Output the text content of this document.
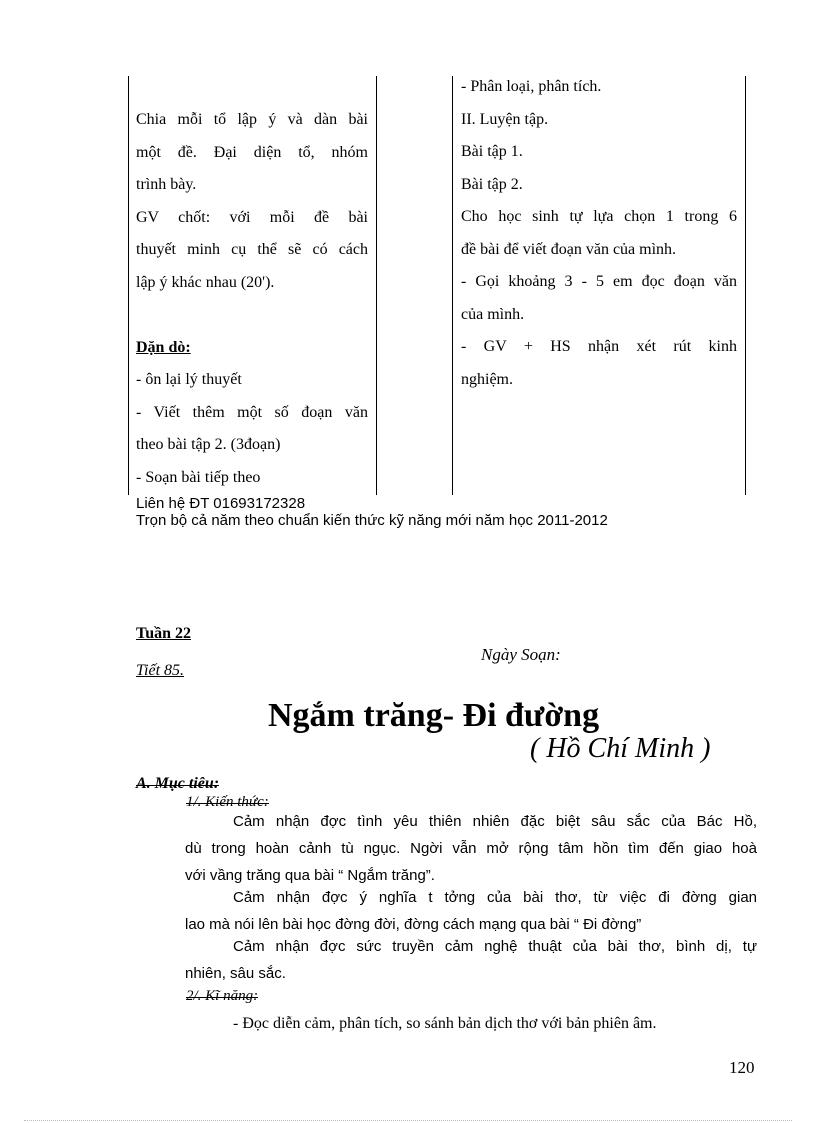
Chia mỗi tổ lập ý và dàn bài
một đề. Đại diện tổ, nhóm
trình bày.
GV chốt: với mỗi đề bài
thuyết minh cụ thể sẽ có cách
lập ý khác nhau (20').
Dặn dò:
- ôn lại lý thuyết
- Viết thêm một số đoạn văn
theo bài tập 2. (3đoạn)
- Soạn bài tiếp theo
- Phân loại, phân tích.
II. Luyện tập.
Bài tập 1.
Bài tập 2.
Cho học sinh tự lựa chọn 1 trong 6
đề bài để viết đoạn văn của mình.
- Gọi khoảng 3 - 5 em đọc đoạn văn
của mình.
- GV + HS nhận xét rút kinh
nghiệm.
Liên hệ ĐT 01693172328
Trọn bộ cả năm theo chuẩn kiến thức kỹ năng mới năm học 2011-2012
Tuần 22
Ngày Soạn:
Tiết 85.
Ngắm trăng- Đi đường
( Hồ Chí Minh )
A. Mục tiêu:
1/. Kiến thức:
Cảm nhận đợc tình yêu thiên nhiên đặc biệt sâu sắc của Bác Hồ,
dù trong hoàn cảnh tù ngục. Ngời vẫn mở rộng tâm hồn tìm đến giao hoà
với vầng trăng qua bài “ Ngắm trăng”.
Cảm nhận đợc ý nghĩa t tởng của bài thơ, từ việc đi đờng gian
lao mà nói lên bài học đờng đời, đờng cách mạng qua bài “ Đi đờng”
Cảm nhận đợc sức truyền cảm nghệ thuật của bài thơ, bình dị, tự
nhiên, sâu sắc.
2/. Kĩ năng:
- Đọc diễn cảm, phân tích, so sánh bản dịch thơ với bản phiên âm.
120
